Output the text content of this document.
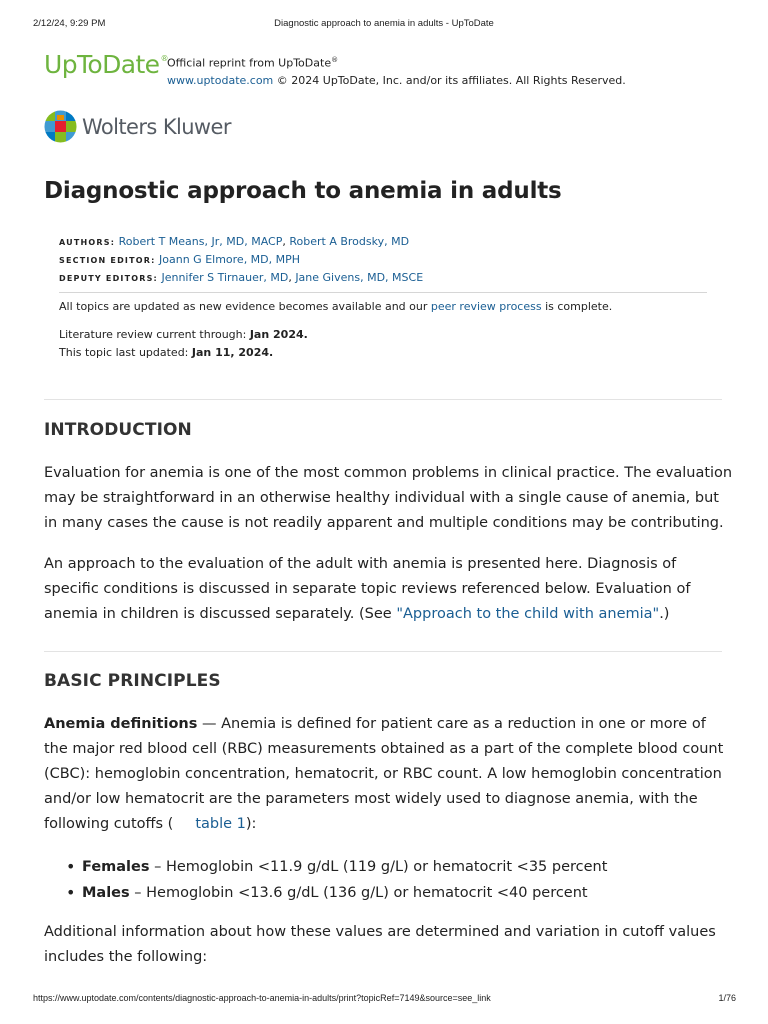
2/12/24, 9:29 PM	Diagnostic approach to anemia in adults - UpToDate
UpToDate® Official reprint from UpToDate®
www.uptodate.com © 2024 UpToDate, Inc. and/or its affiliates. All Rights Reserved.
Wolters Kluwer
Diagnostic approach to anemia in adults
AUTHORS: Robert T Means, Jr, MD, MACP, Robert A Brodsky, MD
SECTION EDITOR: Joann G Elmore, MD, MPH
DEPUTY EDITORS: Jennifer S Tirnauer, MD, Jane Givens, MD, MSCE
All topics are updated as new evidence becomes available and our peer review process is complete.
Literature review current through: Jan 2024.
This topic last updated: Jan 11, 2024.
INTRODUCTION

Evaluation for anemia is one of the most common problems in clinical practice. The evaluation may be straightforward in an otherwise healthy individual with a single cause of anemia, but in many cases the cause is not readily apparent and multiple conditions may be contributing.

An approach to the evaluation of the adult with anemia is presented here. Diagnosis of specific conditions is discussed in separate topic reviews referenced below. Evaluation of anemia in children is discussed separately. (See "Approach to the child with anemia".)

BASIC PRINCIPLES

Anemia definitions — Anemia is defined for patient care as a reduction in one or more of the major red blood cell (RBC) measurements obtained as a part of the complete blood count (CBC): hemoglobin concentration, hematocrit, or RBC count. A low hemoglobin concentration and/or low hematocrit are the parameters most widely used to diagnose anemia, with the following cutoffs ( table 1):

• Females – Hemoglobin <11.9 g/dL (119 g/L) or hematocrit <35 percent
• Males – Hemoglobin <13.6 g/dL (136 g/L) or hematocrit <40 percent

Additional information about how these values are determined and variation in cutoff values includes the following:

https://www.uptodate.com/contents/diagnostic-approach-to-anemia-in-adults/print?topicRef=7149&source=see_link	1/76
